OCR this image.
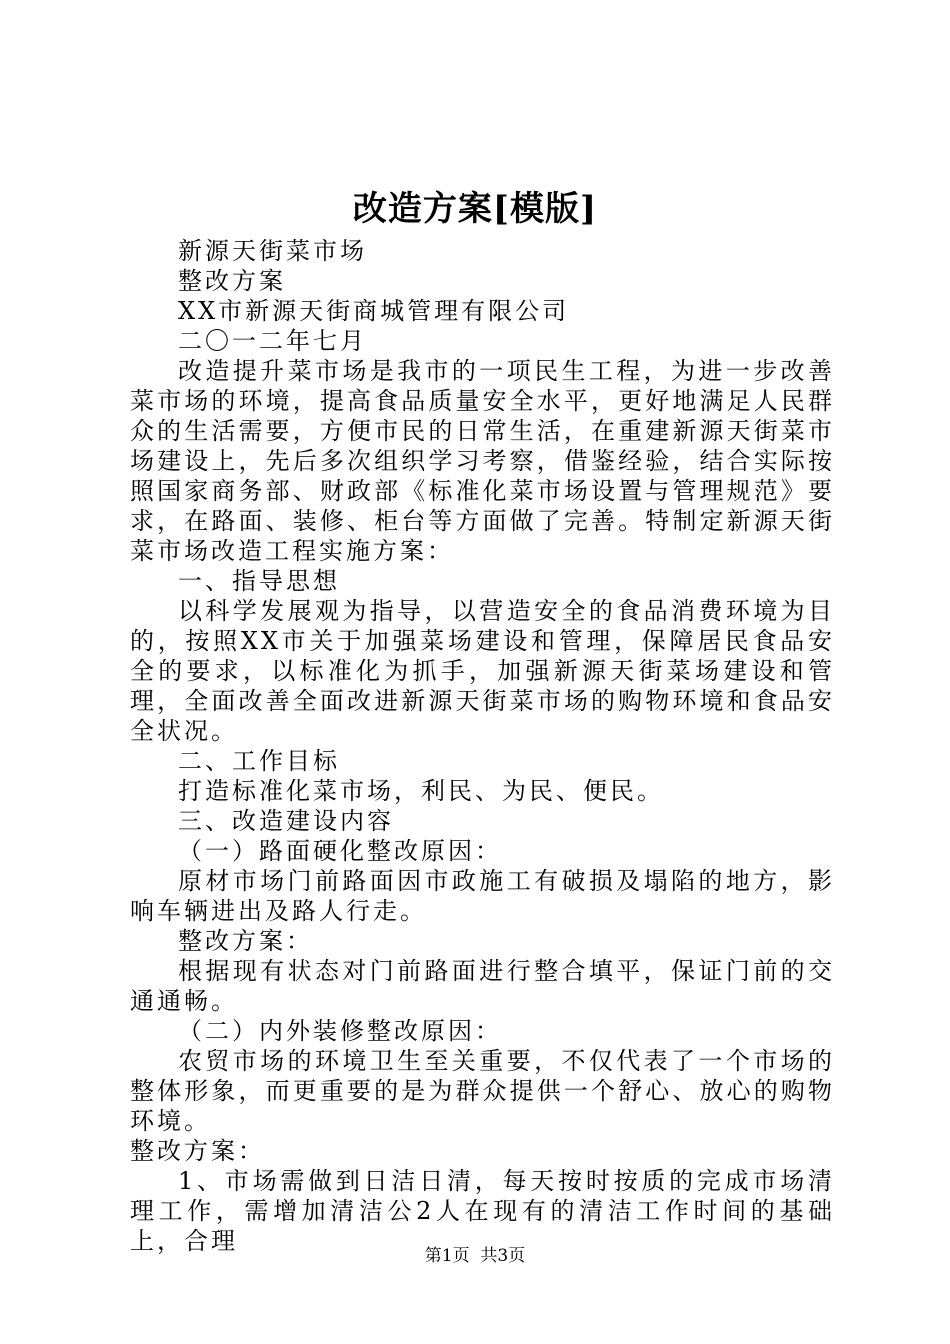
改造方案[模版]

新源天街菜市场

整改方案

XX市新源天街商城管理有限公司

二〇一二年七月

改造提升菜市场是我市的一项民生工程，为进一步改善菜市场的环境，提高食品质量安全水平，更好地满足人民群众的生活需要，方便市民的日常生活，在重建新源天街菜市场建设上，先后多次组织学习考察，借鉴经验，结合实际按照国家商务部、财政部《标准化菜市场设置与管理规范》要求，在路面、装修、柜台等方面做了完善。特制定新源天街菜市场改造工程实施方案：

一、指导思想

以科学发展观为指导，以营造安全的食品消费环境为目的，按照XX市关于加强菜场建设和管理，保障居民食品安全的要求，以标准化为抓手，加强新源天街菜场建设和管理，全面改善全面改进新源天街菜市场的购物环境和食品安全状况。

二、工作目标

打造标准化菜市场，利民、为民、便民。

三、改造建设内容

（一）路面硬化整改原因：

原材市场门前路面因市政施工有破损及塌陷的地方，影响车辆进出及路人行走。

整改方案：

根据现有状态对门前路面进行整合填平，保证门前的交通通畅。

（二）内外装修整改原因：

农贸市场的环境卫生至关重要，不仅代表了一个市场的整体形象，而更重要的是为群众提供一个舒心、放心的购物环境。

整改方案：

1、市场需做到日洁日清，每天按时按质的完成市场清理工作，需增加清洁公2人在现有的清洁工作时间的基础上，合理

第1页  共3页
